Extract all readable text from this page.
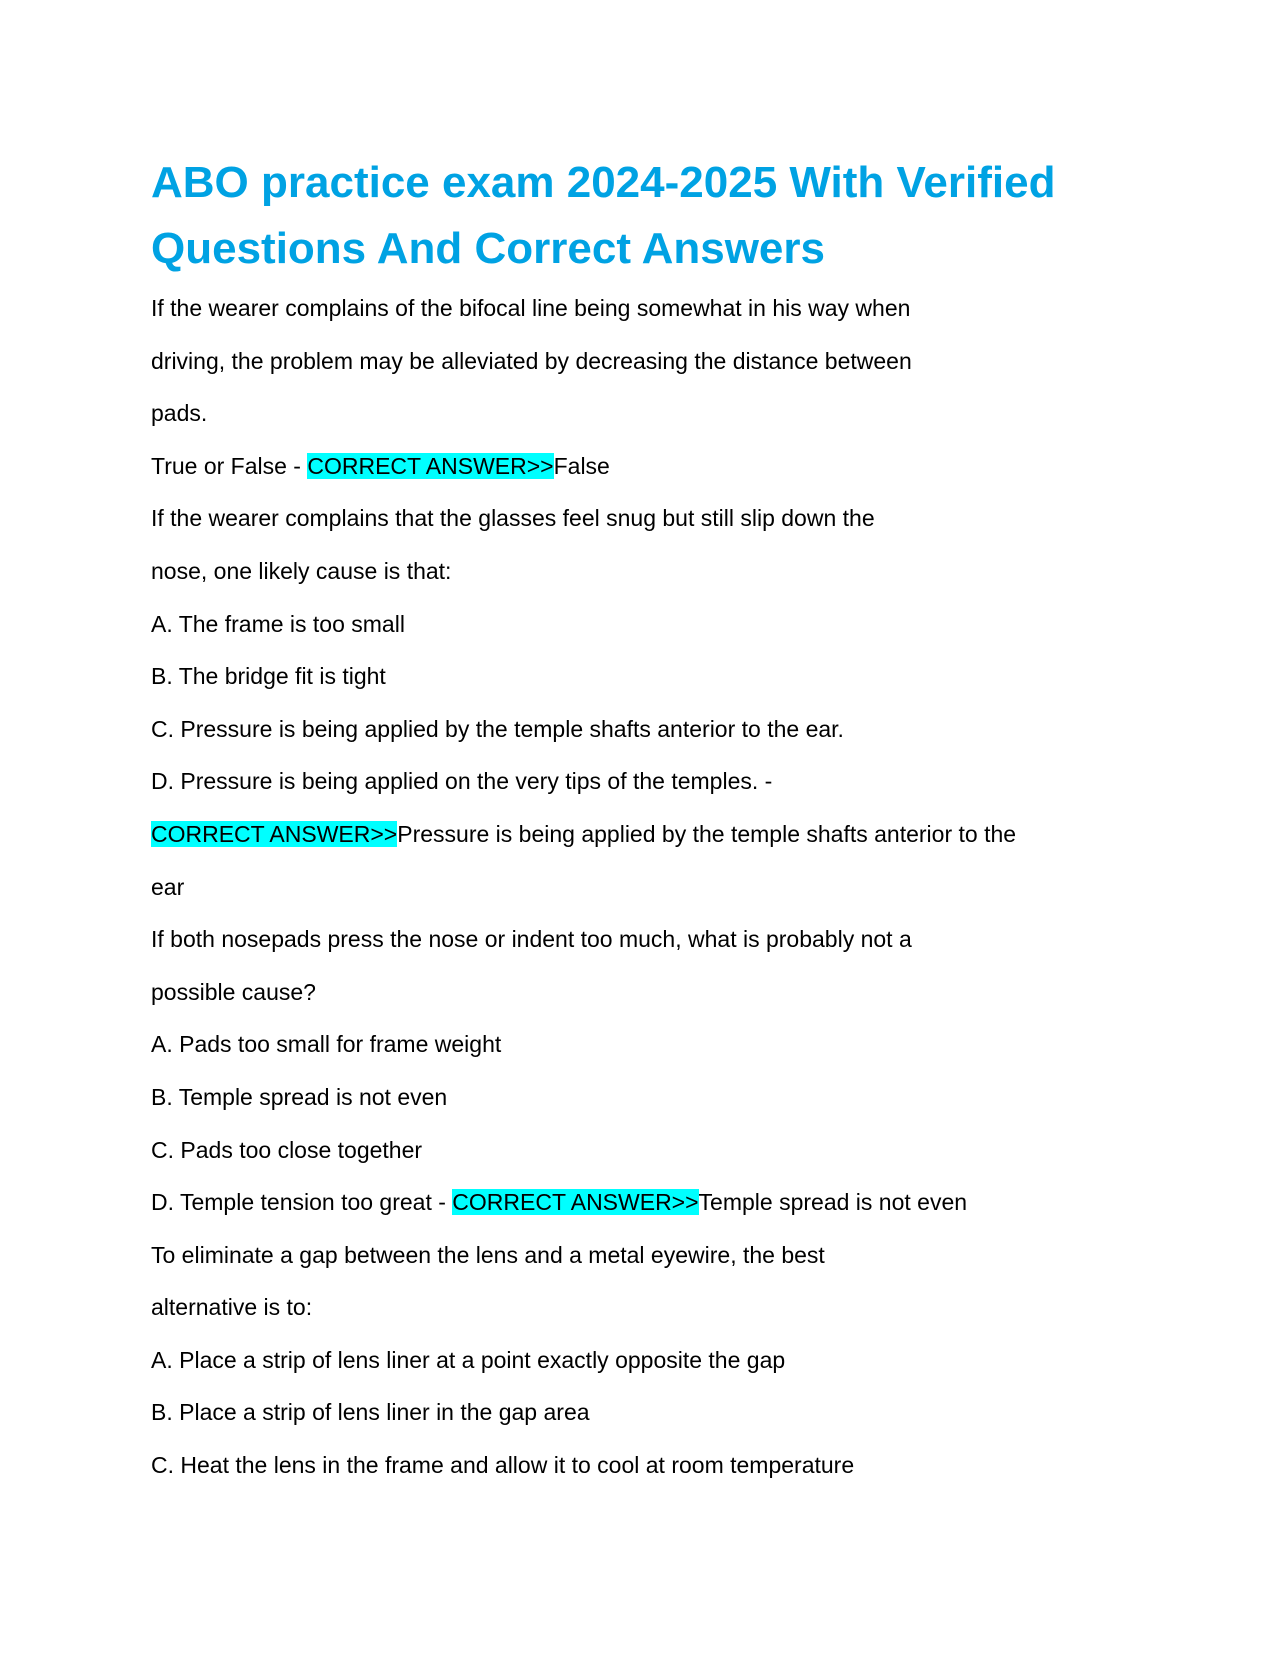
ABO practice exam 2024-2025 With Verified Questions And Correct Answers
If the wearer complains of the bifocal line being somewhat in his way when
driving, the problem may be alleviated by decreasing the distance between
pads.
True or False - CORRECT ANSWER>>False
If the wearer complains that the glasses feel snug but still slip down the
nose, one likely cause is that:
A. The frame is too small
B. The bridge fit is tight
C. Pressure is being applied by the temple shafts anterior to the ear.
D. Pressure is being applied on the very tips of the temples. -
CORRECT ANSWER>>Pressure is being applied by the temple shafts anterior to the
ear
If both nosepads press the nose or indent too much, what is probably not a
possible cause?
A. Pads too small for frame weight
B. Temple spread is not even
C. Pads too close together
D. Temple tension too great - CORRECT ANSWER>>Temple spread is not even
To eliminate a gap between the lens and a metal eyewire, the best
alternative is to:
A. Place a strip of lens liner at a point exactly opposite the gap
B. Place a strip of lens liner in the gap area
C. Heat the lens in the frame and allow it to cool at room temperature
